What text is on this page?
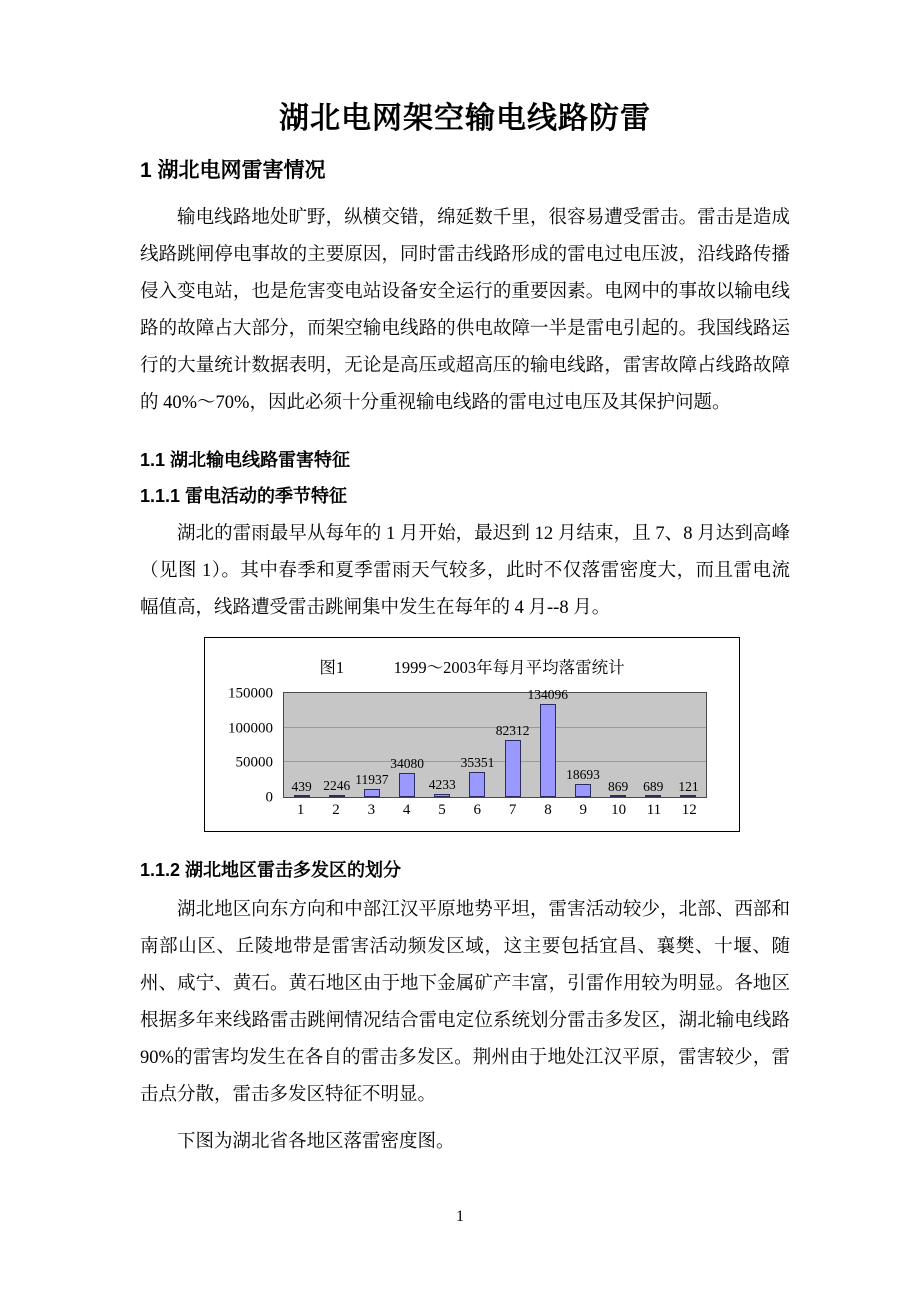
湖北电网架空输电线路防雷
1 湖北电网雷害情况

输电线路地处旷野，纵横交错，绵延数千里，很容易遭受雷击。雷击是造成线路跳闸停电事故的主要原因，同时雷击线路形成的雷电过电压波，沿线路传播侵入变电站，也是危害变电站设备安全运行的重要因素。电网中的事故以输电线路的故障占大部分，而架空输电线路的供电故障一半是雷电引起的。我国线路运行的大量统计数据表明，无论是高压或超高压的输电线路，雷害故障占线路故障的 40%～70%，因此必须十分重视输电线路的雷电过电压及其保护问题。

1.1 湖北输电线路雷害特征
1.1.1 雷电活动的季节特征

湖北的雷雨最早从每年的 1 月开始，最迟到 12 月结束，且 7、8 月达到高峰（见图 1）。其中春季和夏季雷雨天气较多，此时不仅落雷密度大，而且雷电流幅值高，线路遭受雷击跳闸集中发生在每年的 4 月--8 月。

图1	1999～2003年每月平均落雷统计
0
50000
100000
150000
439 2246 11937
34080
4233
35351
82312
134096
18693
869 689 121
1	2	3	4	5	6	7	8	9	10	11	12
1.1.2 湖北地区雷击多发区的划分

湖北地区向东方向和中部江汉平原地势平坦，雷害活动较少，北部、西部和南部山区、丘陵地带是雷害活动频发区域，这主要包括宜昌、襄樊、十堰、随州、咸宁、黄石。黄石地区由于地下金属矿产丰富，引雷作用较为明显。各地区根据多年来线路雷击跳闸情况结合雷电定位系统划分雷击多发区，湖北输电线路 90%的雷害均发生在各自的雷击多发区。荆州由于地处江汉平原，雷害较少，雷击点分散，雷击多发区特征不明显。

下图为湖北省各地区落雷密度图。

1
